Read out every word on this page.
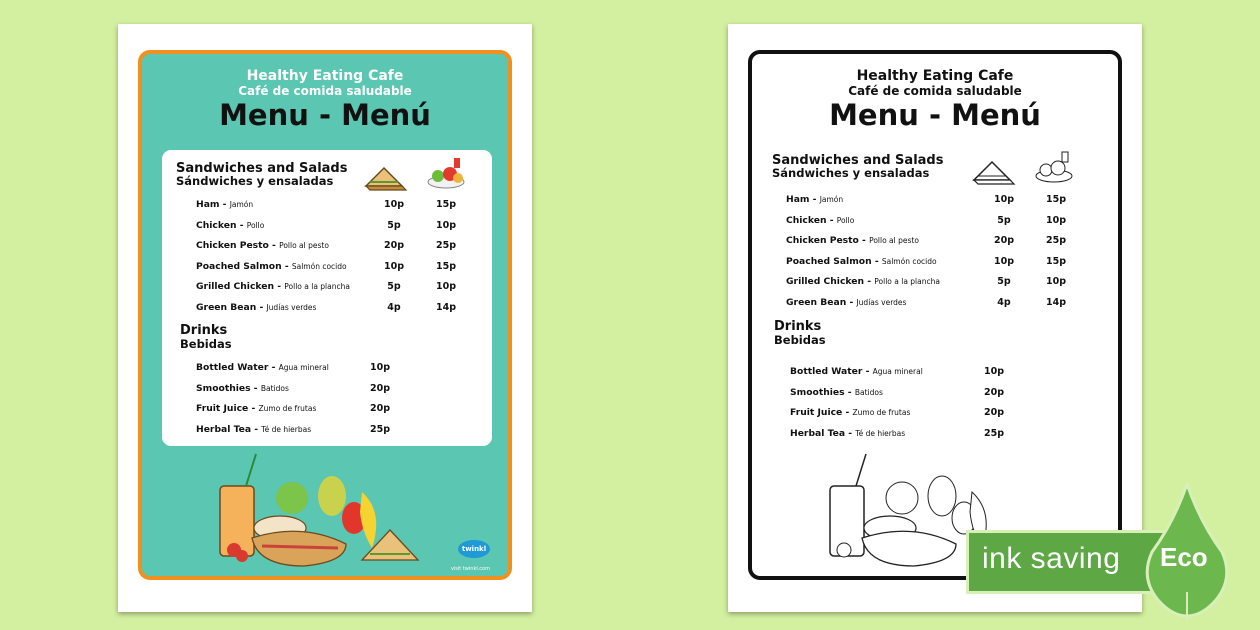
Healthy Eating Cafe
Café de comida saludable
Menu - Menú
Sandwiches and Salads
Sándwiches y ensaladas
Ham - Jamón	10p	15p
Chicken - Pollo	5p	10p
Chicken Pesto - Pollo al pesto	20p	25p
Poached Salmon - Salmón cocido	10p	15p
Grilled Chicken - Pollo a la plancha	5p	10p
Green Bean - Judías verdes	4p	14p
Drinks
Bebidas
Bottled Water - Agua mineral	10p
Smoothies - Batidos	20p
Fruit Juice - Zumo de frutas	20p
Herbal Tea - Té de hierbas	25p
twinkl
visit twinkl.com
Healthy Eating Cafe
Café de comida saludable
Menu - Menú
Sandwiches and Salads
Sándwiches y ensaladas
Ham - Jamón	10p	15p
Chicken - Pollo	5p	10p
Chicken Pesto - Pollo al pesto	20p	25p
Poached Salmon - Salmón cocido	10p	15p
Grilled Chicken - Pollo a la plancha	5p	10p
Green Bean - Judías verdes	4p	14p
Drinks
Bebidas
Bottled Water - Agua mineral	10p
Smoothies - Batidos	20p
Fruit Juice - Zumo de frutas	20p
Herbal Tea - Té de hierbas	25p
ink saving Eco
